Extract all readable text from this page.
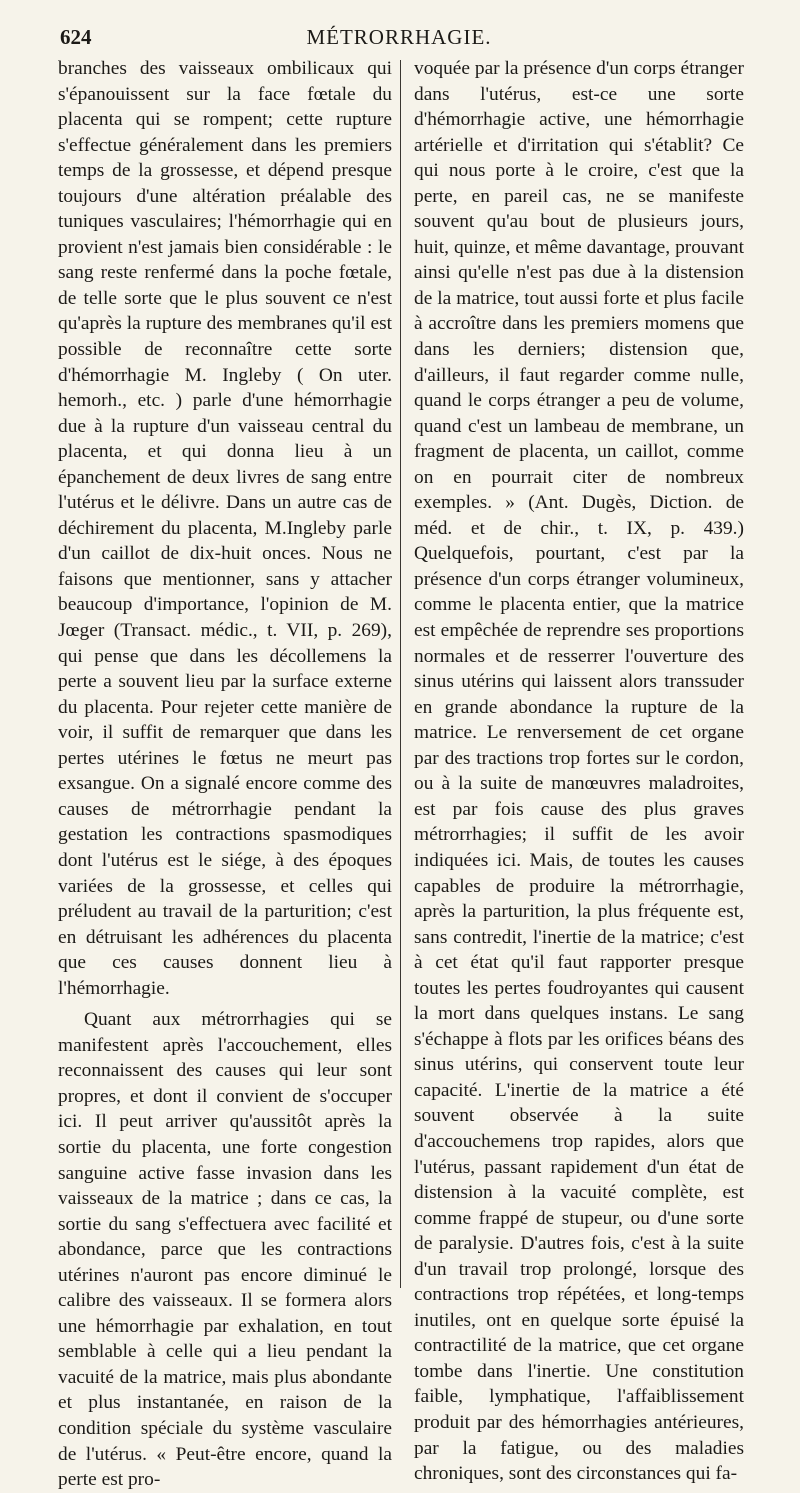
624	MÉTRORRHAGIE.

branches des vaisseaux ombilicaux qui s'épanouissent sur la face fœtale du placenta qui se rompent; cette rupture s'effectue généralement dans les premiers temps de la grossesse, et dépend presque toujours d'une altération préalable des tuniques vasculaires; l'hémorrhagie qui en provient n'est jamais bien considérable : le sang reste renfermé dans la poche fœtale, de telle sorte que le plus souvent ce n'est qu'après la rupture des membranes qu'il est possible de reconnaître cette sorte d'hémorrhagie M. Ingleby ( On uter. hemorh., etc. ) parle d'une hémorrhagie due à la rupture d'un vaisseau central du placenta, et qui donna lieu à un épanchement de deux livres de sang entre l'utérus et le délivre. Dans un autre cas de déchirement du placenta, M.Ingleby parle d'un caillot de dix-huit onces. Nous ne faisons que mentionner, sans y attacher beaucoup d'importance, l'opinion de M. Jœger (Transact. médic., t. VII, p. 269), qui pense que dans les décollemens la perte a souvent lieu par la surface externe du placenta. Pour rejeter cette manière de voir, il suffit de remarquer que dans les pertes utérines le fœtus ne meurt pas exsangue. On a signalé encore comme des causes de métrorrhagie pendant la gestation les contractions spasmodiques dont l'utérus est le siége, à des époques variées de la grossesse, et celles qui préludent au travail de la parturition; c'est en détruisant les adhérences du placenta que ces causes donnent lieu à l'hémorrhagie.

Quant aux métrorrhagies qui se manifestent après l'accouchement, elles reconnaissent des causes qui leur sont propres, et dont il convient de s'occuper ici. Il peut arriver qu'aussitôt après la sortie du placenta, une forte congestion sanguine active fasse invasion dans les vaisseaux de la matrice ; dans ce cas, la sortie du sang s'effectuera avec facilité et abondance, parce que les contractions utérines n'auront pas encore diminué le calibre des vaisseaux. Il se formera alors une hémorrhagie par exhalation, en tout semblable à celle qui a lieu pendant la vacuité de la matrice, mais plus abondante et plus instantanée, en raison de la condition spéciale du système vasculaire de l'utérus. « Peut-être encore, quand la perte est pro-

voquée par la présence d'un corps étranger dans l'utérus, est-ce une sorte d'hémorrhagie active, une hémorrhagie artérielle et d'irritation qui s'établit? Ce qui nous porte à le croire, c'est que la perte, en pareil cas, ne se manifeste souvent qu'au bout de plusieurs jours, huit, quinze, et même davantage, prouvant ainsi qu'elle n'est pas due à la distension de la matrice, tout aussi forte et plus facile à accroître dans les premiers momens que dans les derniers; distension que, d'ailleurs, il faut regarder comme nulle, quand le corps étranger a peu de volume, quand c'est un lambeau de membrane, un fragment de placenta, un caillot, comme on en pourrait citer de nombreux exemples. » (Ant. Dugès, Diction. de méd. et de chir., t. IX, p. 439.) Quelquefois, pourtant, c'est par la présence d'un corps étranger volumineux, comme le placenta entier, que la matrice est empêchée de reprendre ses proportions normales et de resserrer l'ouverture des sinus utérins qui laissent alors transsuder en grande abondance la rupture de la matrice. Le renversement de cet organe par des tractions trop fortes sur le cordon, ou à la suite de manœuvres maladroites, est par fois cause des plus graves métrorrhagies; il suffit de les avoir indiquées ici. Mais, de toutes les causes capables de produire la métrorrhagie, après la parturition, la plus fréquente est, sans contredit, l'inertie de la matrice; c'est à cet état qu'il faut rapporter presque toutes les pertes foudroyantes qui causent la mort dans quelques instans. Le sang s'échappe à flots par les orifices béans des sinus utérins, qui conservent toute leur capacité. L'inertie de la matrice a été souvent observée à la suite d'accouchemens trop rapides, alors que l'utérus, passant rapidement d'un état de distension à la vacuité complète, est comme frappé de stupeur, ou d'une sorte de paralysie. D'autres fois, c'est à la suite d'un travail trop prolongé, lorsque des contractions trop répétées, et long-temps inutiles, ont en quelque sorte épuisé la contractilité de la matrice, que cet organe tombe dans l'inertie. Une constitution faible, lymphatique, l'affaiblissement produit par des hémorrhagies antérieures, par la fatigue, ou des maladies chroniques, sont des circonstances qui fa-
